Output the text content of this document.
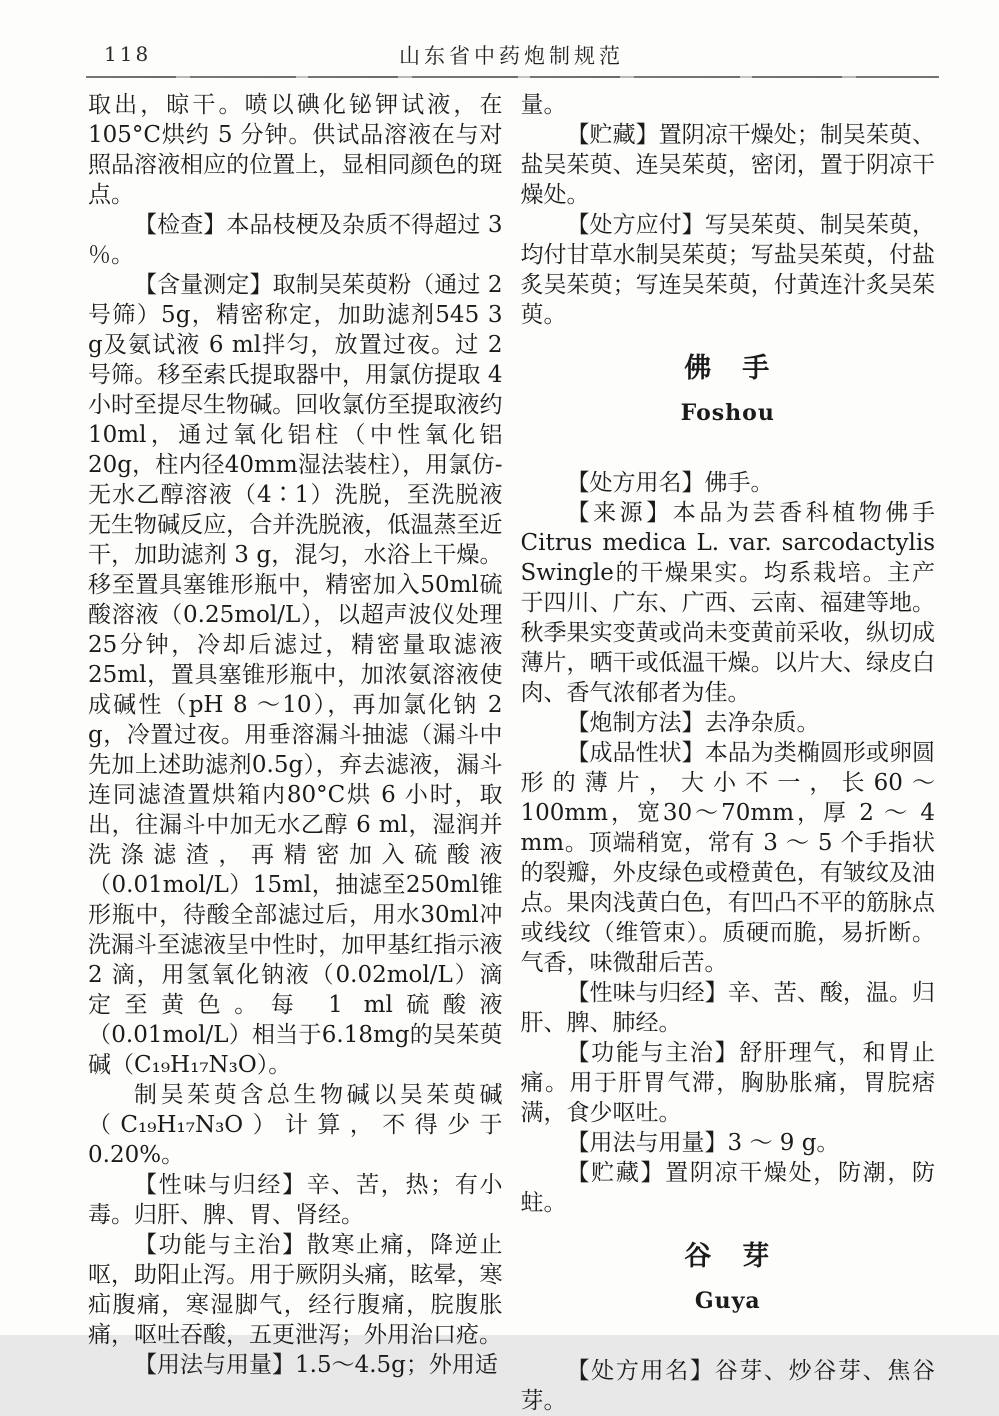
118	山东省中药炮制规范

取出，晾干。喷以碘化铋钾试液，在105°C烘约 5 分钟。供试品溶液在与对照品溶液相应的位置上，显相同颜色的斑点。

【检查】本品枝梗及杂质不得超过 3 ％。

【含量测定】取制吴茱萸粉（通过 2 号筛）5g，精密称定，加助滤剂545 3 g及氨试液 6 ml拌匀，放置过夜。过 2 号筛。移至索氏提取器中，用氯仿提取 4 小时至提尽生物碱。回收氯仿至提取液约10ml，通过氧化铝柱（中性氧化铝20g，柱内径40mm湿法装柱），用氯仿-无水乙醇溶液（4∶1）洗脱，至洗脱液无生物碱反应，合并洗脱液，低温蒸至近干，加助滤剂 3 g，混匀，水浴上干燥。移至置具塞锥形瓶中，精密加入50ml硫酸溶液（0.25mol/L），以超声波仪处理25分钟，冷却后滤过，精密量取滤液25ml，置具塞锥形瓶中，加浓氨溶液使成碱性（pH 8 ～10），再加氯化钠 2 g，冷置过夜。用垂溶漏斗抽滤（漏斗中先加上述助滤剂0.5g），弃去滤液，漏斗连同滤渣置烘箱内80°C烘 6 小时，取出，往漏斗中加无水乙醇 6 ml，湿润并洗涤滤渣，再精密加入硫酸液（0.01mol/L）15ml，抽滤至250ml锥形瓶中，待酸全部滤过后，用水30ml冲洗漏斗至滤液呈中性时，加甲基红指示液 2 滴，用氢氧化钠液（0.02mol/L）滴定至黄色。每 1 ml硫酸液（0.01mol/L）相当于6.18mg的吴茱萸碱（C₁₉H₁₇N₃O）。

制吴茱萸含总生物碱以吴茱萸碱（C₁₉H₁₇N₃O）计算，不得少于0.20%。

【性味与归经】辛、苦，热；有小毒。归肝、脾、胃、肾经。

【功能与主治】散寒止痛，降逆止呕，助阳止泻。用于厥阴头痛，眩晕，寒疝腹痛，寒湿脚气，经行腹痛，脘腹胀痛，呕吐吞酸，五更泄泻；外用治口疮。

【用法与用量】1.5～4.5g；外用适

量。

【贮藏】置阴凉干燥处；制吴茱萸、盐吴茱萸、连吴茱萸，密闭，置于阴凉干燥处。

【处方应付】写吴茱萸、制吴茱萸，均付甘草水制吴茱萸；写盐吴茱萸，付盐炙吴茱萸；写连吴茱萸，付黄连汁炙吴茱萸。

佛　手

Foshou

【处方用名】佛手。

【来源】本品为芸香科植物佛手Citrus medica L. var. sarcodactylis Swingle的干燥果实。均系栽培。主产于四川、广东、广西、云南、福建等地。秋季果实变黄或尚未变黄前采收，纵切成薄片，晒干或低温干燥。以片大、绿皮白肉、香气浓郁者为佳。

【炮制方法】去净杂质。

【成品性状】本品为类椭圆形或卵圆形的薄片，大小不一，长60～100mm，宽30～70mm，厚 2 ～ 4 mm。顶端稍宽，常有 3 ～ 5 个手指状的裂瓣，外皮绿色或橙黄色，有皱纹及油点。果肉浅黄白色，有凹凸不平的筋脉点或线纹（维管束）。质硬而脆，易折断。气香，味微甜后苦。

【性味与归经】辛、苦、酸，温。归肝、脾、肺经。

【功能与主治】舒肝理气，和胃止痛。用于肝胃气滞，胸胁胀痛，胃脘痞满，食少呕吐。

【用法与用量】3 ～ 9 g。

【贮藏】置阴凉干燥处，防潮，防蛀。

谷　芽

Guya

【处方用名】谷芽、炒谷芽、焦谷芽。
